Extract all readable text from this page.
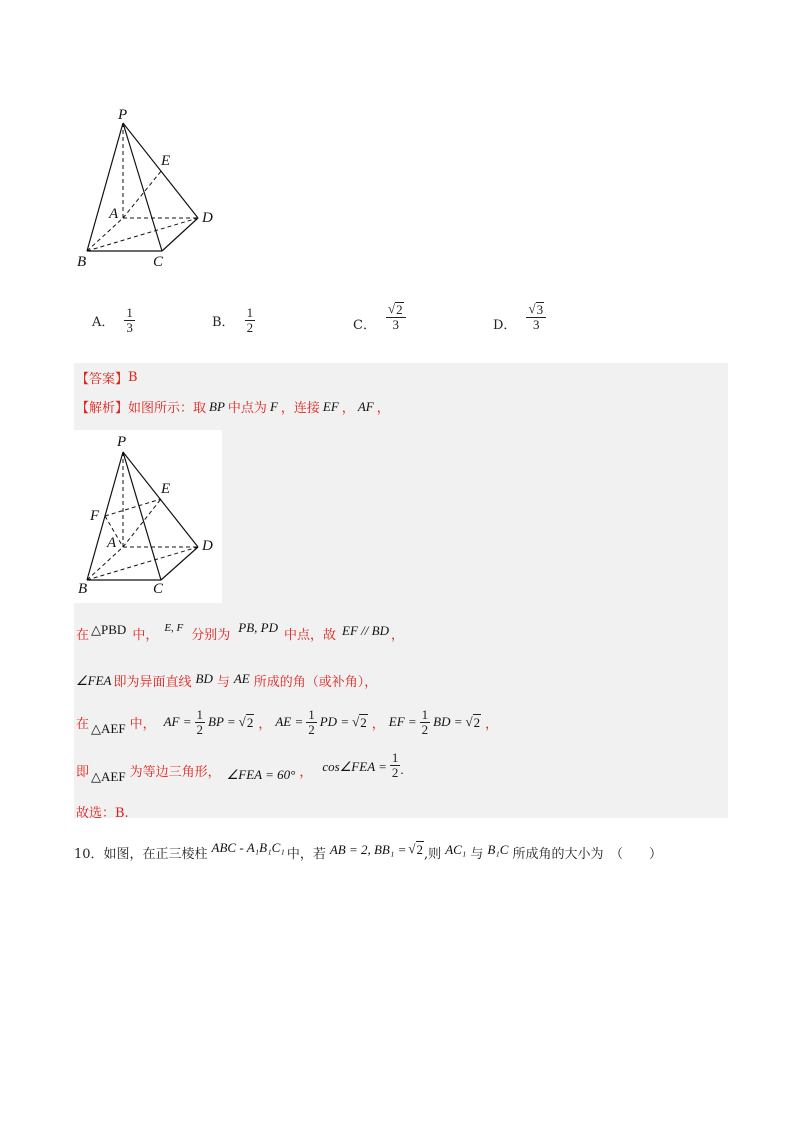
P
E
A	D
B	C
A． $\frac{1}{3}$	B． $\frac{1}{2}$	C． $\frac{√ 2}{3}$	D． $\frac{√ 3}{3}$
【答案】 B
【解析】 如图所示：取 BP 中点为 F ，连接 EF ， AF ，
P
E
F
A	D
B	C
在 △PBD 中，
E, F
分别为
PB, PD
中点，故 EF // BD ，
∠FEA 即为异面直线 BD 与 AE 所成的角（或补角），
在 △AEF 中， AF = $\frac{1}{2}$ BP = √ 2 ， AE = $\frac{1}{2}$ PD = √ 2 ， EF = $\frac{1}{2}$ BD = √ 2 ，
即 △AEF 为等边三角形， ∠FEA = 60° ， cos∠FEA = $\frac{1}{2}$ .
故选：B.
10．如图，在正三棱柱 ABC - A₁B₁C₁ 中，若 AB = 2, BB₁ = √ 2 ,则 AC₁ 与 B₁C 所成角的大小为　（　　）
